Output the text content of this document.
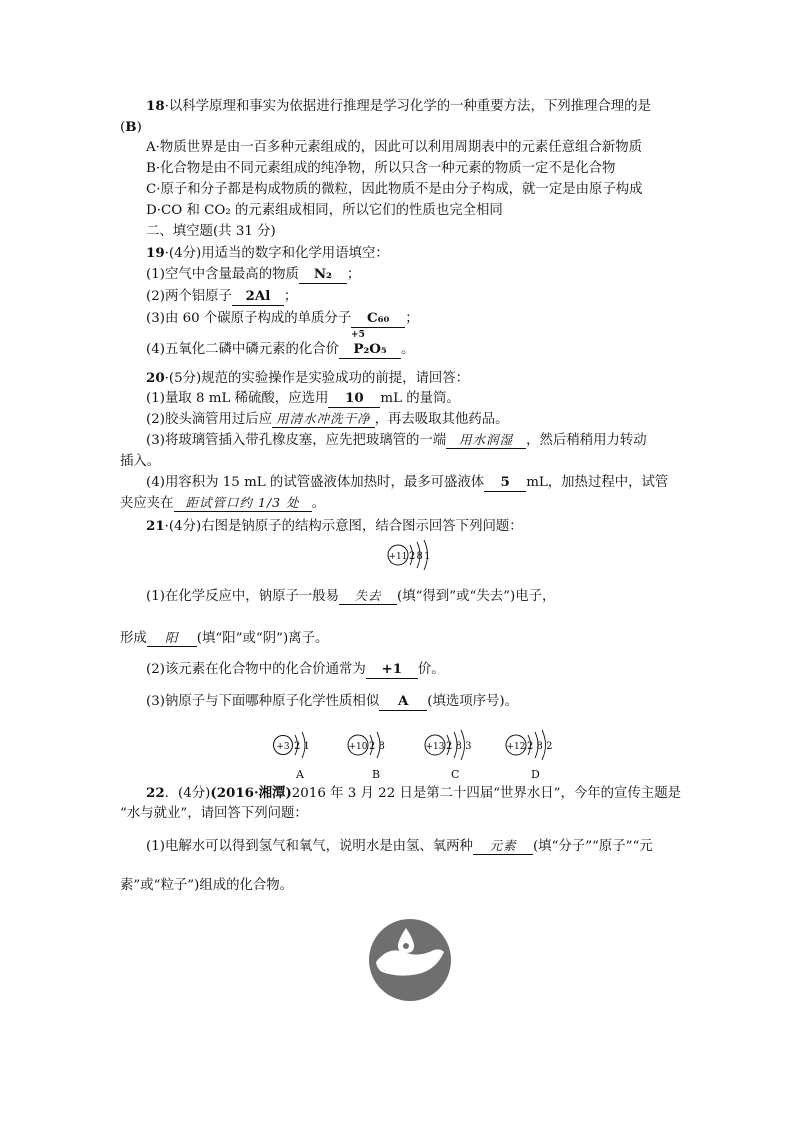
18·以科学原理和事实为依据进行推理是学习化学的一种重要方法，下列推理合理的是
(B)
A·物质世界是由一百多种元素组成的，因此可以利用周期表中的元素任意组合新物质
B·化合物是由不同元素组成的纯净物，所以只含一种元素的物质一定不是化合物
C·原子和分子都是构成物质的微粒，因此物质不是由分子构成，就一定是由原子构成
D·CO 和 CO₂ 的元素组成相同，所以它们的性质也完全相同
二、填空题(共 31 分)
19·(4分)用适当的数字和化学用语填空：
(1)空气中含量最高的物质 N₂ ；
(2)两个铝原子 2Al ；
(3)由 60 个碳原子构成的单质分子 C₆₀ ；
(4)五氧化二磷中磷元素的化合价
+5
P₂O₅ 。
20·(5分)规范的实验操作是实验成功的前提，请回答：
(1)量取 8 mL 稀硫酸，应选用 10 mL 的量筒。
(2)胶头滴管用过后应 用清水冲洗干净 ，再去吸取其他药品。
(3)将玻璃管插入带孔橡皮塞，应先把玻璃管的一端 用水润湿 ，然后稍稍用力转动
插入。
(4)用容积为 15 mL 的试管盛液体加热时，最多可盛液体 5 mL，加热过程中，试管
夹应夹在 距试管口约 1/3 处 。
21·(4分)右图是钠原子的结构示意图，结合图示回答下列问题：
+11 2 8 1
(1)在化学反应中，钠原子一般易 失去 (填“得到”或“失去”)电子，
形成 阳 (填“阳”或“阴”)离子。
(2)该元素在化合物中的化合价通常为 +1 价。
(3)钠原子与下面哪种原子化学性质相似 A (填选项序号)。
+3 2 1
A
+10 2 8
B
+13 2 8 3
C
+12 2 8 2
D
22．(4分)(2016·湘潭)2016 年 3 月 22 日是第二十四届“世界水日”，今年的宣传主题是
“水与就业”，请回答下列问题：
(1)电解水可以得到氢气和氧气，说明水是由氢、氧两种 元素 (填“分子”“原子”“元
素”或“粒子”)组成的化合物。
